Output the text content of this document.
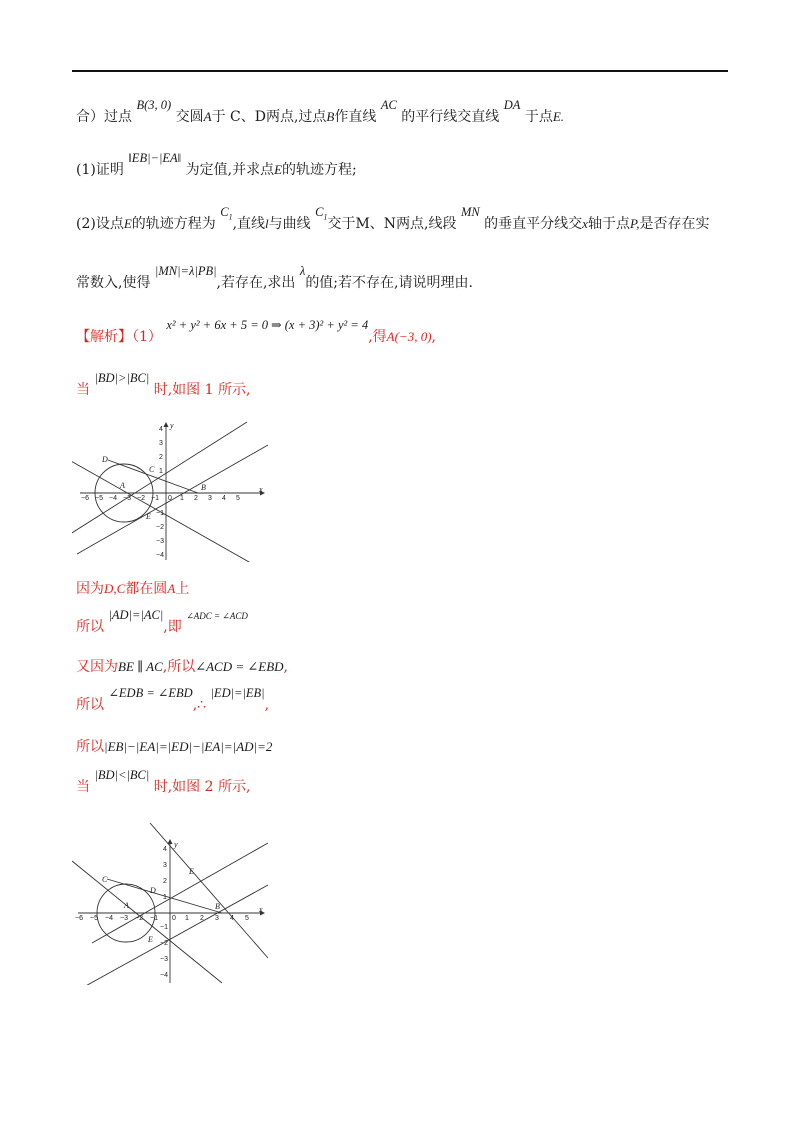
合）过点 B(3, 0) 交圆A于 C、D两点,过点B作直线 AC 的平行线交直线 DA 于点E.
(1)证明 ‖EB|−|EA‖ 为定值,并求点E的轨迹方程;
(2)设点E的轨迹方程为 $C_1$,直线l与曲线 $C_1$交于M、N两点,线段 MN 的垂直平分线交x轴于点P,是否存在实
常数入,使得 |MN|=λ|PB|,若存在,求出 λ的值;若不存在,请说明理由.
【解析】（1） x² + y² + 6x + 5 = 0 ⇒ (x + 3)² + y² = 4,得A(−3, 0),
当 |BD|>|BC| 时,如图 1 所示,
−6 −5 −4 −3 −2 −1 0 1 2 3 4 5
4
3
2
1
−1
−2
−3
−4
y
x
D
A
C
B
E
因为D,C都在圆A上
所以 |AD|=|AC|,即 $^{\angle ADC = \angle ACD}$
又因为BE ∥ AC,所以∠ACD = ∠EBD,
所以 ∠EDB = ∠EBD,∴ |ED|=|EB|,
所以|EB|−|EA|=|ED|−|EA|=|AD|=2
当 |BD|<|BC| 时,如图 2 所示,
−6 −5 −4 −3 −2 −1 0 1 2 3 4 5
4
3
2
1
−1
−2
−3
−4
y
x
C
A
D
E
B
E
